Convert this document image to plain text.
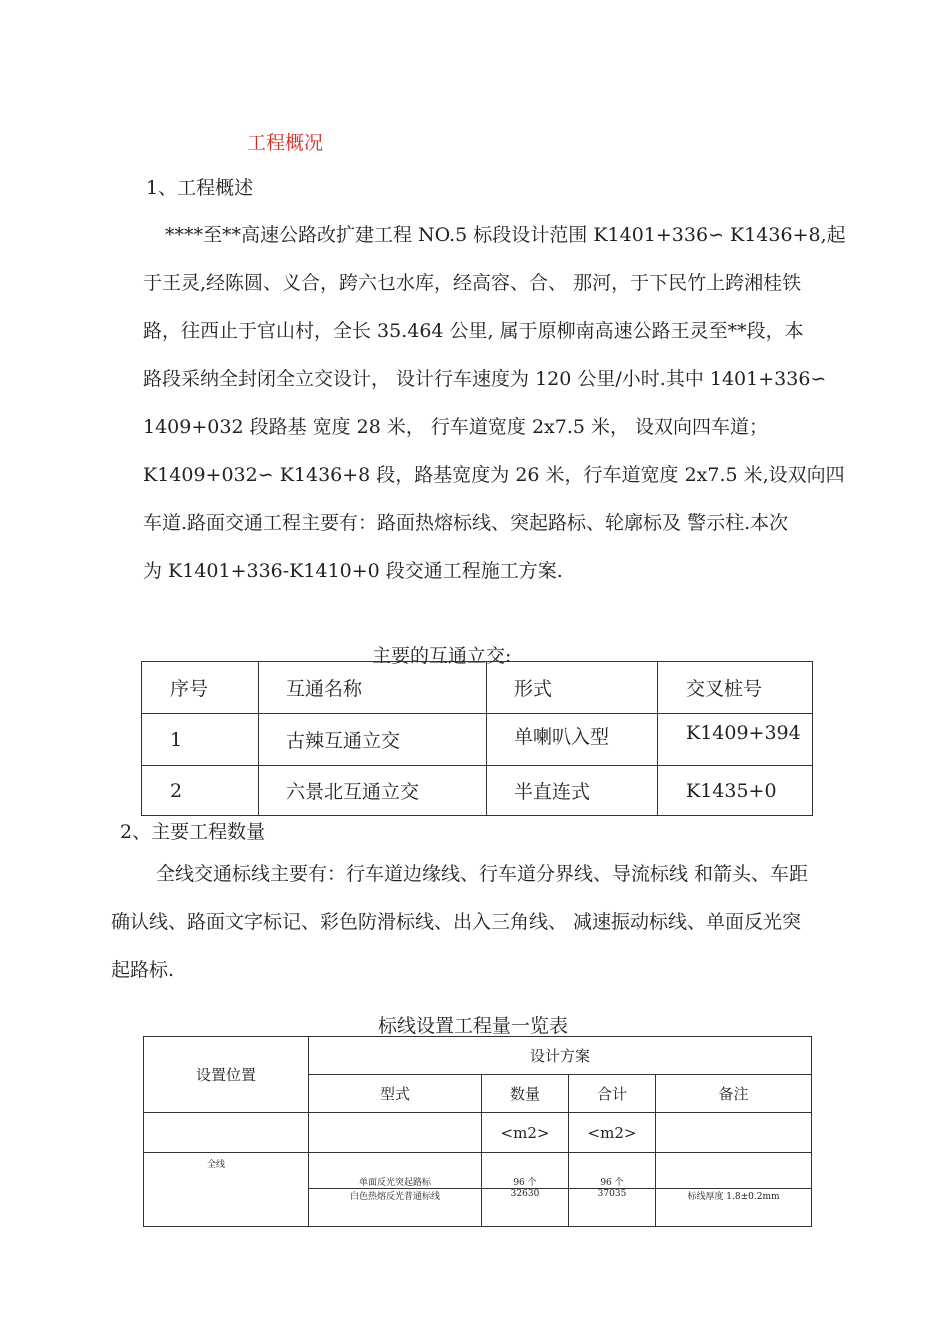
工程概况
1、工程概述

****至**高速公路改扩建工程 NO.5 标段设计范围 K1401+336∽ K1436+8,起

于王灵,经陈圆、义合，跨六乜水库，经高容、合、 那河，于下民竹上跨湘桂铁

路，往西止于官山村，全长 35.464 公里, 属于原柳南高速公路王灵至**段，本

路段采纳全封闭全立交设计， 设计行车速度为 120 公里/小时.其中 1401+336∽

1409+032 段路基 宽度 28 米， 行车道宽度 2x7.5 米， 设双向四车道；

K1409+032∽ K1436+8 段，路基宽度为 26 米，行车道宽度 2x7.5 米,设双向四

车道.路面交通工程主要有：路面热熔标线、突起路标、轮廓标及 警示柱.本次

为 K1401+336-K1410+0 段交通工程施工方案.

主要的互通立交:
序号	互通名称	形式	交叉桩号
1	古辣互通立交	单喇叭入型	K1409+394
2	六景北互通立交	半直连式	K1435+0
2、主要工程数量

全线交通标线主要有：行车道边缘线、行车道分界线、导流标线 和箭头、车距

确认线、路面文字标记、彩色防滑标线、出入三角线、 减速振动标线、单面反光突

起路标.

标线设置工程量一览表
设置位置	设计方案			
	型式	数量	合计	备注
		<m2>	<m2>	
全线	单面反光突起路标	96 个	96 个	
	白色热熔反光普通标线	32630	37035	标线厚度 1.8±0.2mm
